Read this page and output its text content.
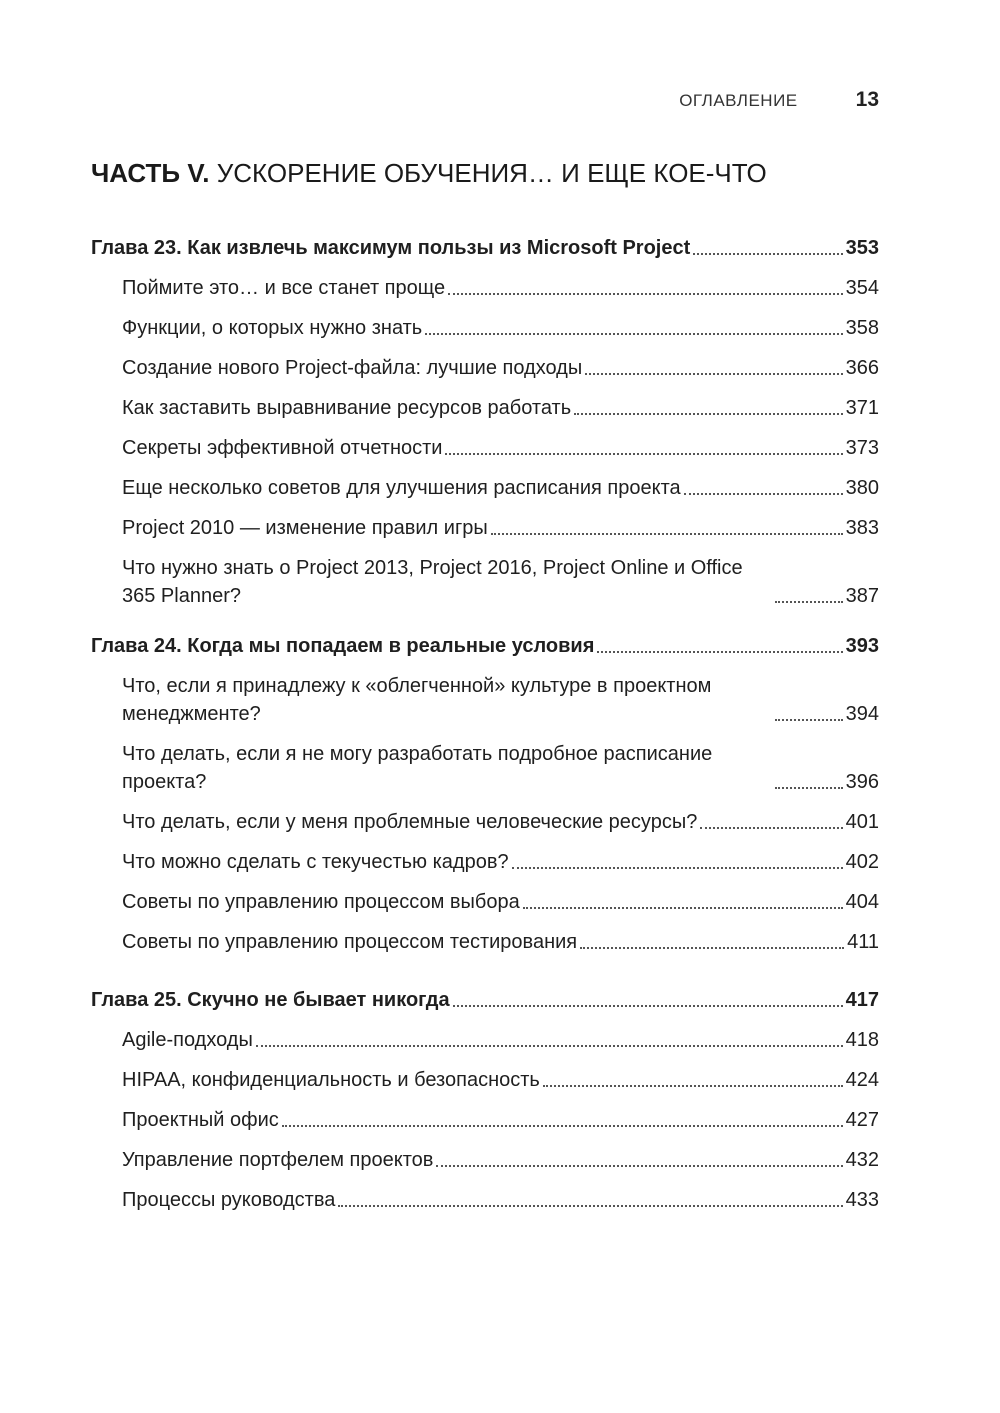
ОГЛАВЛЕНИЕ	13
ЧАСТЬ V. УСКОРЕНИЕ ОБУЧЕНИЯ… И ЕЩЕ КОЕ-ЧТО
Глава 23. Как извлечь максимум пользы из Microsoft Project	353
Поймите это… и все станет проще	354
Функции, о которых нужно знать	358
Создание нового Project-файла: лучшие подходы	366
Как заставить выравнивание ресурсов работать	371
Секреты эффективной отчетности	373
Еще несколько советов для улучшения расписания проекта	380
Project 2010 — изменение правил игры	383
Что нужно знать о Project 2013, Project 2016, Project Online и Office 365 Planner?	387
Глава 24. Когда мы попадаем в реальные условия	393
Что, если я принадлежу к «облегченной» культуре в проектном менеджменте?	394
Что делать, если я не могу разработать подробное расписание проекта?	396
Что делать, если у меня проблемные человеческие ресурсы?	401
Что можно сделать с текучестью кадров?	402
Советы по управлению процессом выбора	404
Советы по управлению процессом тестирования	411
Глава 25. Скучно не бывает никогда	417
Agile-подходы	418
HIPAA, конфиденциальность и безопасность	424
Проектный офис	427
Управление портфелем проектов	432
Процессы руководства	433
